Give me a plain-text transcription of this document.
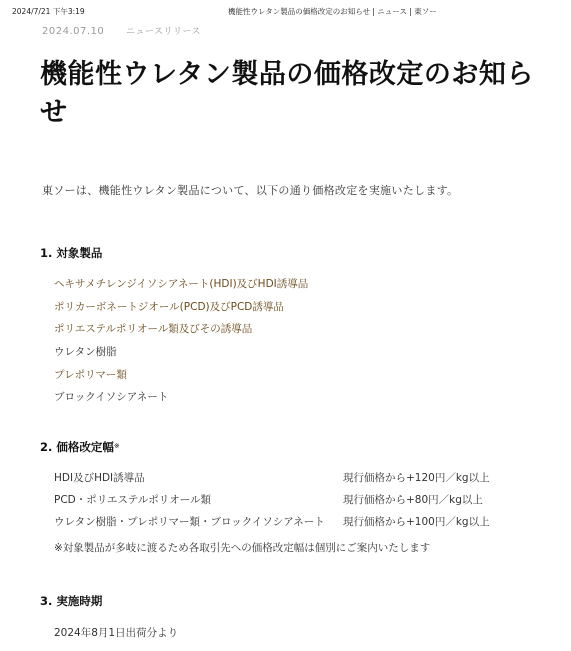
2024/7/21 下午3:19	機能性ウレタン製品の価格改定のお知らせ | ニュース | 東ソー
2024.07.10 ニュースリリース
機能性ウレタン製品の価格改定のお知らせ

東ソーは、機能性ウレタン製品について、以下の通り価格改定を実施いたします。

1. 対象製品
ヘキサメチレンジイソシアネート(HDI)及びHDI誘導品
ポリカーボネートジオール(PCD)及びPCD誘導品
ポリエステルポリオール類及びその誘導品
ウレタン樹脂
プレポリマー類
ブロックイソシアネート
2. 価格改定幅※
HDI及びHDI誘導品	現行価格から+120円／kg以上
PCD・ポリエステルポリオール類	現行価格から+80円／kg以上
ウレタン樹脂・プレポリマー類・ブロックイソシアネート 現行価格から+100円／kg以上
※対象製品が多岐に渡るため各取引先への価格改定幅は個別にご案内いたします
3. 実施時期
2024年8月1日出荷分より
